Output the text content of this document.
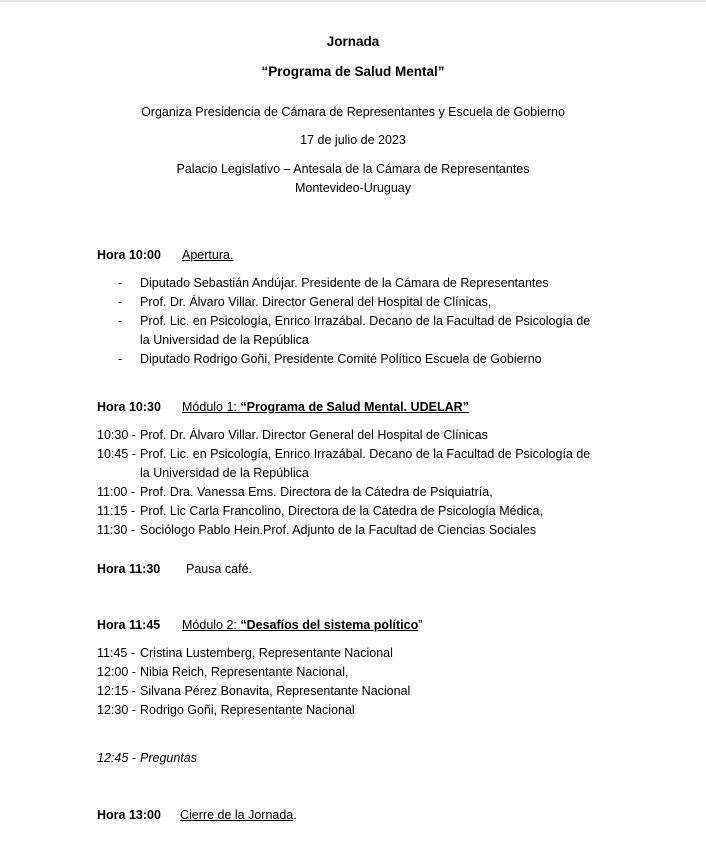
Jornada
“Programa de Salud Mental”
Organiza Presidencia de Cámara de Representantes y Escuela de Gobierno
17 de julio de 2023
Palacio Legislativo – Antesala de la Cámara de Representantes
Montevideo-Uruguay
Hora 10:00 Apertura.
- Diputado Sebastián Andújar. Presidente de la Cámara de Representantes
- Prof. Dr. Álvaro Villar. Director General del Hospital de Clínicas,
- Prof. Lic. en Psicología, Enrico Irrazábal. Decano de la Facultad de Psicología de
la Universidad de la República
- Diputado Rodrigo Goñi, Presidente Comité Político Escuela de Gobierno
Hora 10:30 Módulo 1: “Programa de Salud Mental. UDELAR”
10:30 - Prof. Dr. Álvaro Villar. Director General del Hospital de Clínicas
10:45 - Prof. Lic. en Psicología, Enrico Irrazábal. Decano de la Facultad de Psicología de
la Universidad de la República
11:00 - Prof. Dra. Vanessa Ems. Directora de la Cátedra de Psiquiatría,
11:15 - Prof. Lic Carla Francolino, Directora de la Cátedra de Psicología Médica,
11:30 - Sociólogo Pablo Hein.Prof. Adjunto de la Facultad de Ciencias Sociales
Hora 11:30 Pausa café.
Hora 11:45 Módulo 2: “Desafíos del sistema político”
11:45 - Cristina Lustemberg, Representante Nacional
12:00 - Nibia Reich, Representante Nacional,
12:15 - Silvana Pérez Bonavita, Representante Nacional
12:30 - Rodrigo Goñi, Representante Nacional
12:45 - Preguntas
Hora 13:00 Cierre de la Jornada.
